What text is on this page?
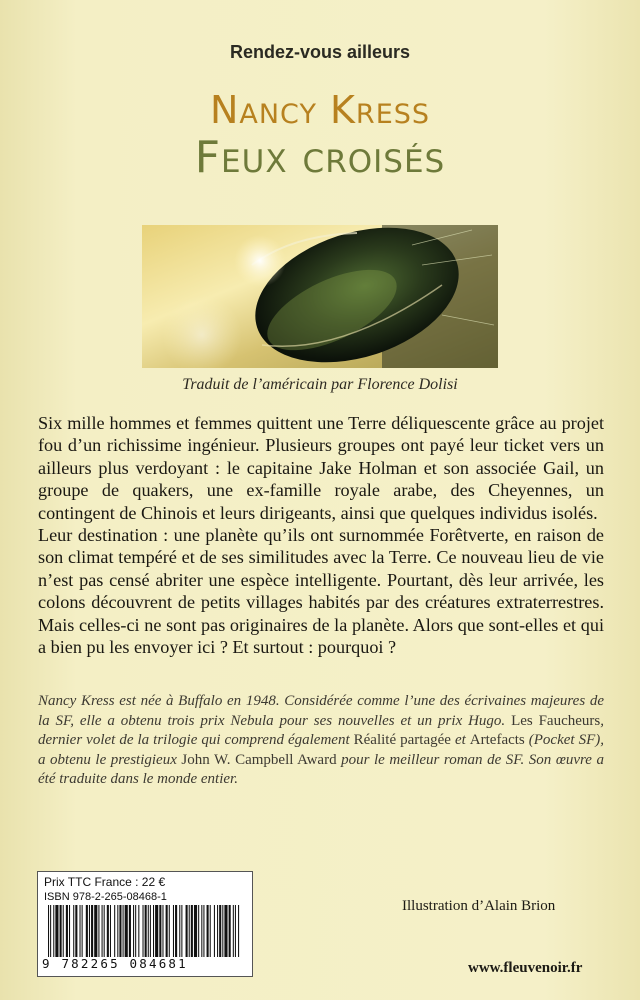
Rendez-vous ailleurs
Nancy Kress
Feux croisés
Traduit de l’américain par Florence Dolisi

Six mille hommes et femmes quittent une Terre déliquescente grâce au projet fou d’un richissime ingénieur. Plusieurs groupes ont payé leur ticket vers un ailleurs plus verdoyant : le capitaine Jake Holman et son associée Gail, un groupe de quakers, une ex-famille royale arabe, des Cheyennes, un contingent de Chinois et leurs dirigeants, ainsi que quelques individus isolés.

Leur destination : une planète qu’ils ont surnommée Forêtverte, en raison de son climat tempéré et de ses similitudes avec la Terre. Ce nouveau lieu de vie n’est pas censé abriter une espèce intelligente. Pourtant, dès leur arrivée, les colons découvrent de petits villages habités par des créatures extraterrestres. Mais celles-ci ne sont pas originaires de la planète. Alors que sont-elles et qui a bien pu les envoyer ici ? Et surtout : pourquoi ?

Nancy Kress est née à Buffalo en 1948. Considérée comme l’une des écrivaines majeures de la SF, elle a obtenu trois prix Nebula pour ses nouvelles et un prix Hugo. Les Faucheurs, dernier volet de la trilogie qui comprend également Réalité partagée et Artefacts (Pocket SF), a obtenu le prestigieux John W. Campbell Award pour le meilleur roman de SF. Son œuvre a été traduite dans le monde entier.
Prix TTC France : 22 €
ISBN 978-2-265-08468-1
9 782265 084681
Illustration d’Alain Brion
www.fleuvenoir.fr
